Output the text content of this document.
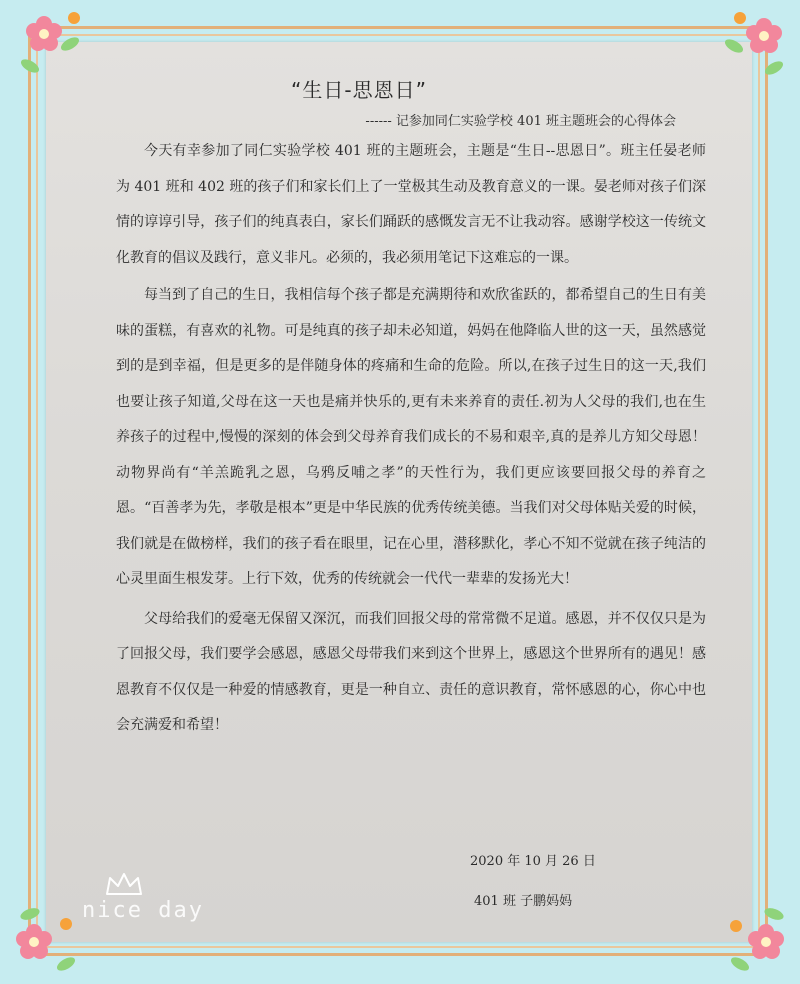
“生日-思恩日”
------ 记参加同仁实验学校 401 班主题班会的心得体会

今天有幸参加了同仁实验学校 401 班的主题班会，主题是“生日--思恩日”。班主任晏老师为 401 班和 402 班的孩子们和家长们上了一堂极其生动及教育意义的一课。晏老师对孩子们深情的谆谆引导，孩子们的纯真表白，家长们踊跃的感慨发言无不让我动容。感谢学校这一传统文化教育的倡议及践行，意义非凡。必须的，我必须用笔记下这难忘的一课。

每当到了自己的生日，我相信每个孩子都是充满期待和欢欣雀跃的，都希望自己的生日有美味的蛋糕，有喜欢的礼物。可是纯真的孩子却未必知道，妈妈在他降临人世的这一天，虽然感觉到的是到幸福，但是更多的是伴随身体的疼痛和生命的危险。所以,在孩子过生日的这一天,我们也要让孩子知道,父母在这一天也是痛并快乐的,更有未来养育的责任.初为人父母的我们,也在生养孩子的过程中,慢慢的深刻的体会到父母养育我们成长的不易和艰辛,真的是养儿方知父母恩！动物界尚有“羊羔跪乳之恩，乌鸦反哺之孝”的天性行为，我们更应该要回报父母的养育之恩。“百善孝为先，孝敬是根本”更是中华民族的优秀传统美德。当我们对父母体贴关爱的时候，我们就是在做榜样，我们的孩子看在眼里，记在心里，潜移默化，孝心不知不觉就在孩子纯洁的心灵里面生根发芽。上行下效，优秀的传统就会一代代一辈辈的发扬光大！

父母给我们的爱毫无保留又深沉，而我们回报父母的常常微不足道。感恩，并不仅仅只是为了回报父母，我们要学会感恩，感恩父母带我们来到这个世界上，感恩这个世界所有的遇见！感恩教育不仅仅是一种爱的情感教育，更是一种自立、责任的意识教育，常怀感恩的心，你心中也会充满爱和希望！

2020 年 10 月 26 日
401 班 子鹏妈妈
nice day
